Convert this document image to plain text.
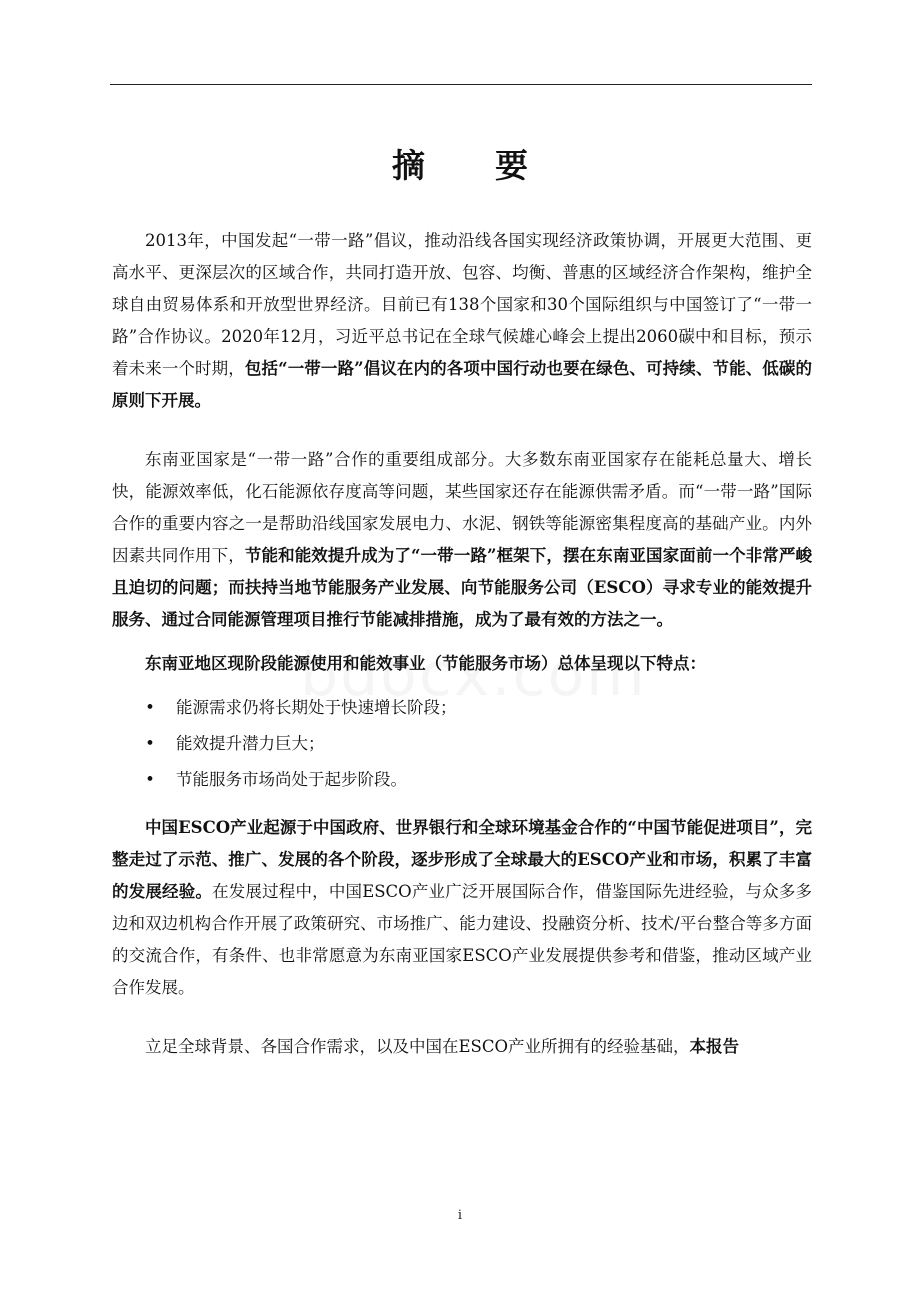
摘 要

2013年，中国发起“一带一路”倡议，推动沿线各国实现经济政策协调，开展更大范围、更高水平、更深层次的区域合作，共同打造开放、包容、均衡、普惠的区域经济合作架构，维护全球自由贸易体系和开放型世界经济。目前已有138个国家和30个国际组织与中国签订了“一带一路”合作协议。2020年12月，习近平总书记在全球气候雄心峰会上提出2060碳中和目标，预示着未来一个时期，包括“一带一路”倡议在内的各项中国行动也要在绿色、可持续、节能、低碳的原则下开展。

东南亚国家是“一带一路”合作的重要组成部分。大多数东南亚国家存在能耗总量大、增长快，能源效率低，化石能源依存度高等问题，某些国家还存在能源供需矛盾。而“一带一路”国际合作的重要内容之一是帮助沿线国家发展电力、水泥、钢铁等能源密集程度高的基础产业。内外因素共同作用下，节能和能效提升成为了“一带一路”框架下，摆在东南亚国家面前一个非常严峻且迫切的问题；而扶持当地节能服务产业发展、向节能服务公司（ESCO）寻求专业的能效提升服务、通过合同能源管理项目推行节能减排措施，成为了最有效的方法之一。

东南亚地区现阶段能源使用和能效事业（节能服务市场）总体呈现以下特点：

• 能源需求仍将长期处于快速增长阶段；
• 能效提升潜力巨大；
• 节能服务市场尚处于起步阶段。

中国ESCO产业起源于中国政府、世界银行和全球环境基金合作的“中国节能促进项目”，完整走过了示范、推广、发展的各个阶段，逐步形成了全球最大的ESCO产业和市场，积累了丰富的发展经验。在发展过程中，中国ESCO产业广泛开展国际合作，借鉴国际先进经验，与众多多边和双边机构合作开展了政策研究、市场推广、能力建设、投融资分析、技术/平台整合等多方面的交流合作，有条件、也非常愿意为东南亚国家ESCO产业发展提供参考和借鉴，推动区域产业合作发展。

立足全球背景、各国合作需求，以及中国在ESCO产业所拥有的经验基础，本报告

i
